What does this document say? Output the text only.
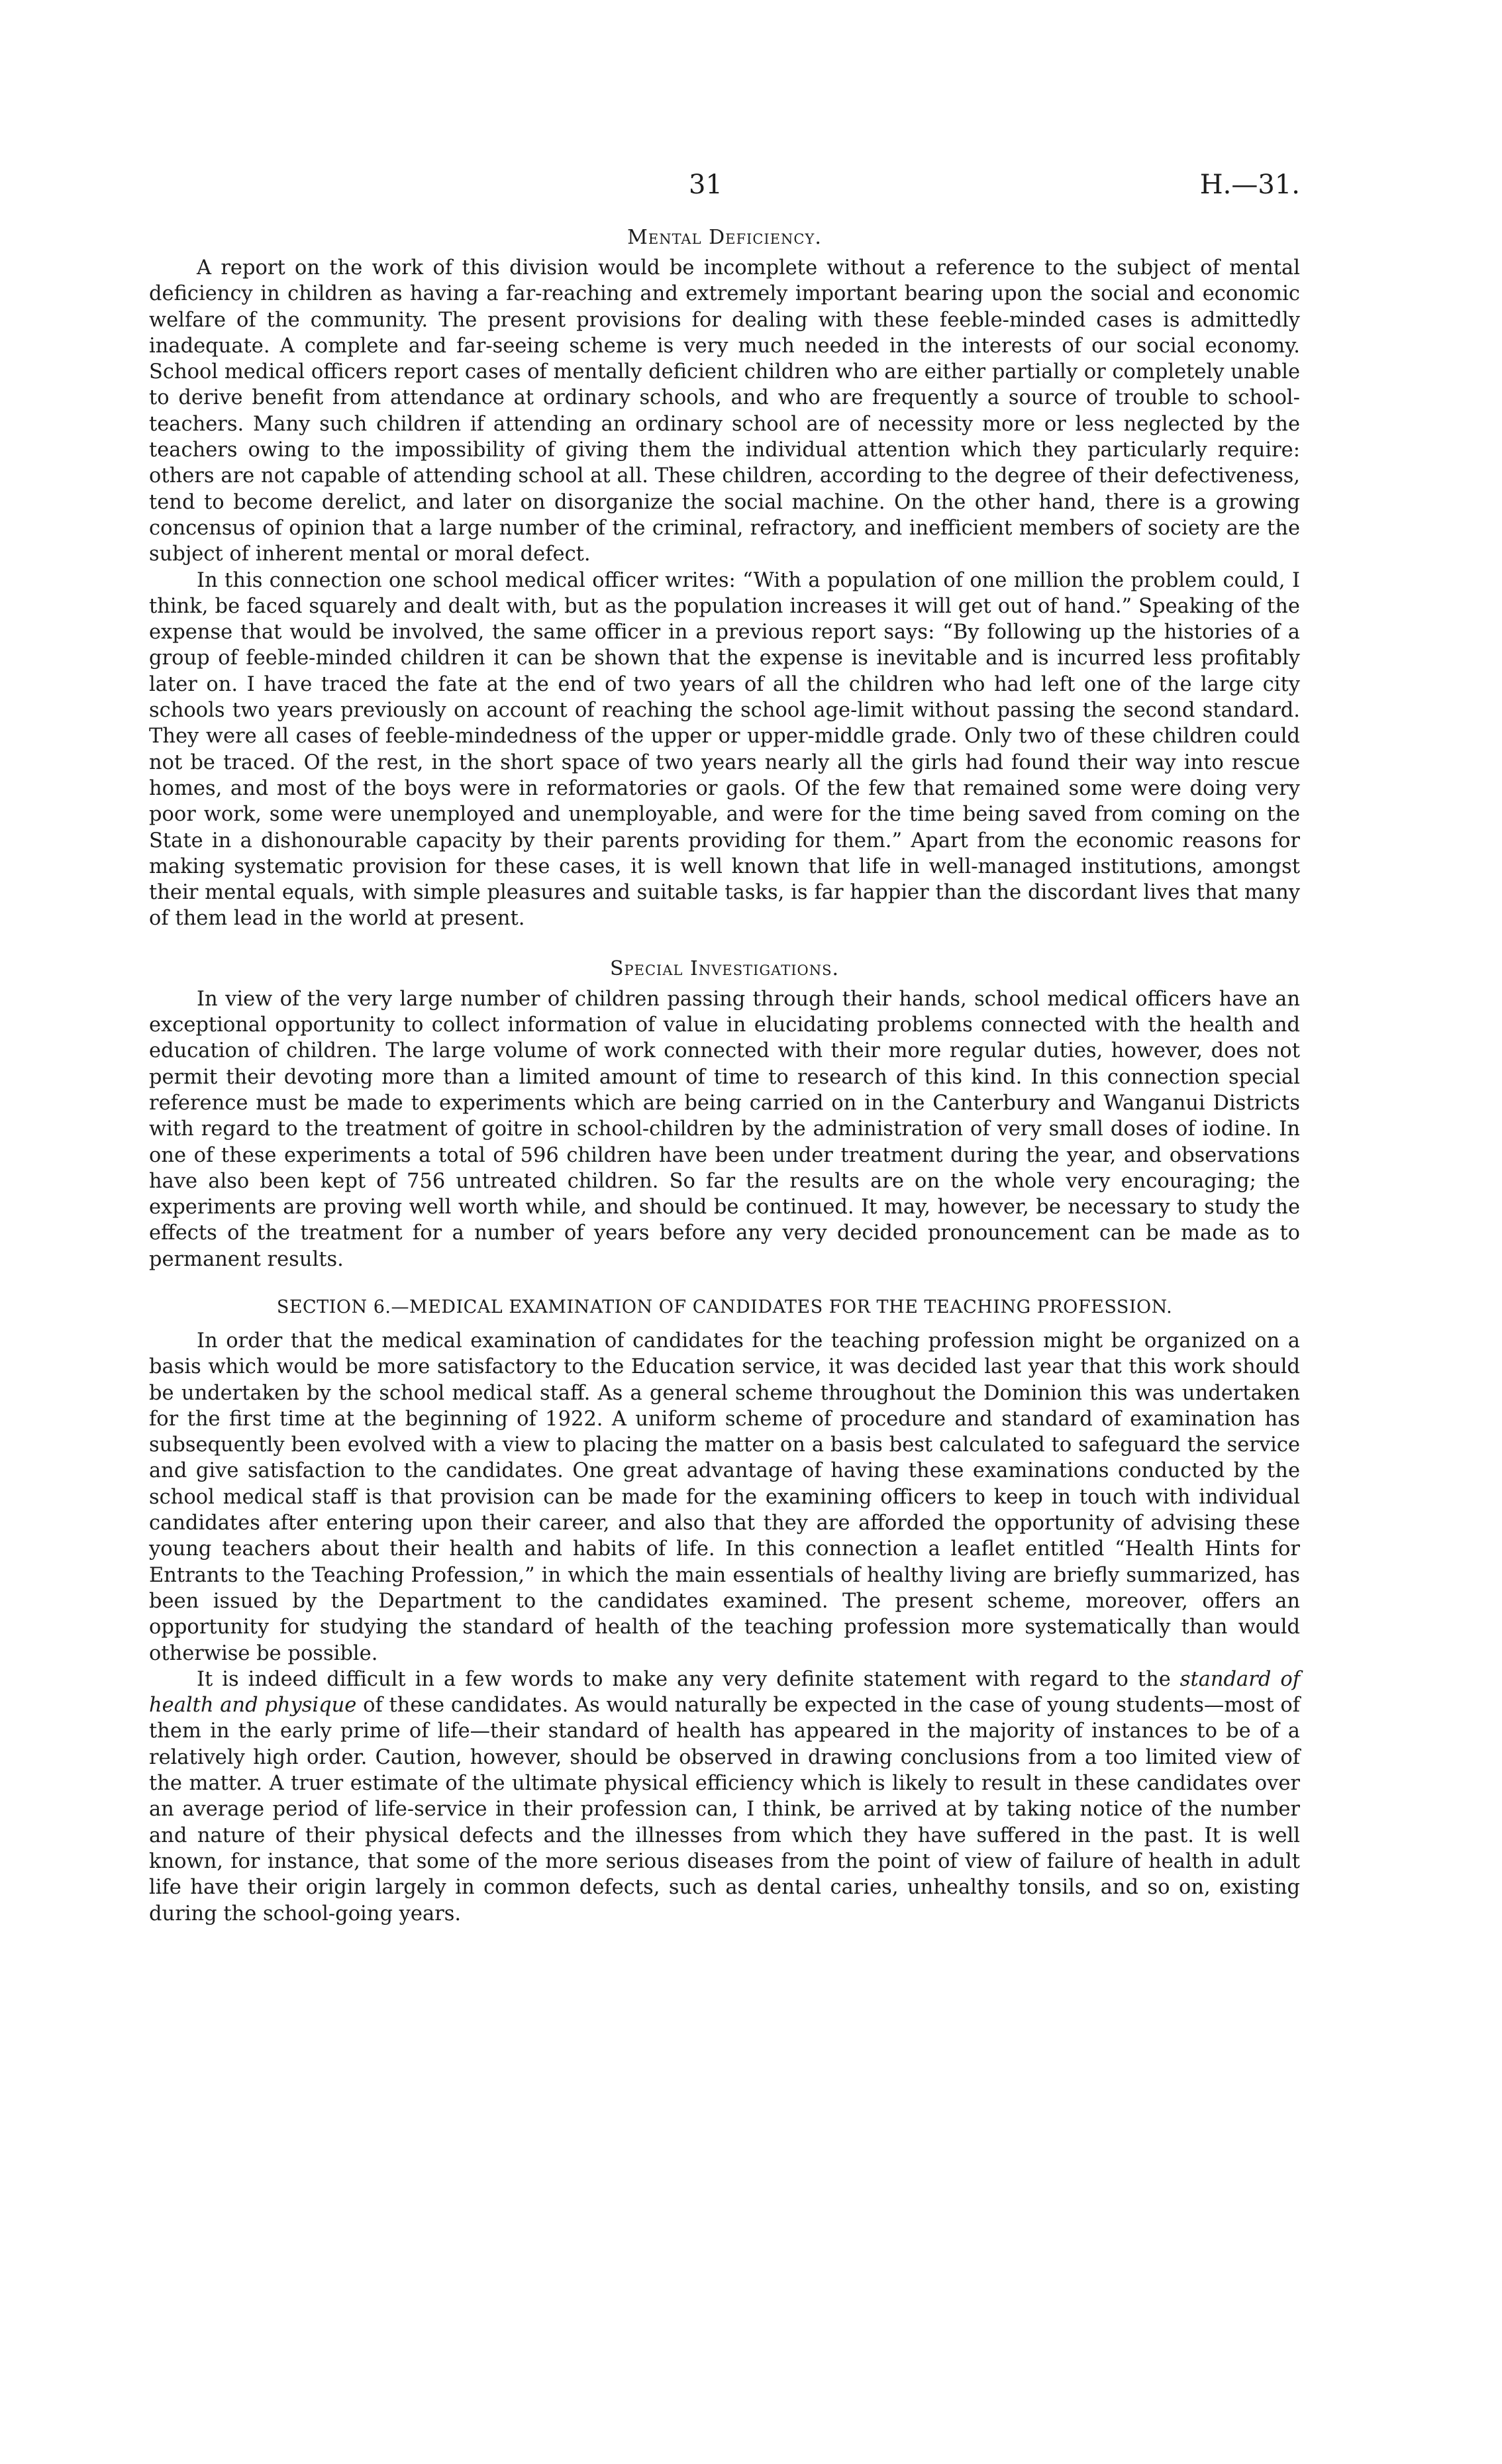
31	H.—31.
Mental Deficiency.

A report on the work of this division would be incomplete without a reference to the subject of mental deficiency in children as having a far-reaching and extremely important bearing upon the social and economic welfare of the community. The present provisions for dealing with these feeble-minded cases is admittedly inadequate. A complete and far-seeing scheme is very much needed in the interests of our social economy. School medical officers report cases of mentally deficient children who are either partially or completely unable to derive benefit from attendance at ordinary schools, and who are frequently a source of trouble to school-teachers. Many such children if attending an ordinary school are of necessity more or less neglected by the teachers owing to the impossibility of giving them the individual attention which they particularly require: others are not capable of attending school at all. These children, according to the degree of their defectiveness, tend to become derelict, and later on disorganize the social machine. On the other hand, there is a growing concensus of opinion that a large number of the criminal, refractory, and inefficient members of society are the subject of inherent mental or moral defect.

In this connection one school medical officer writes: “With a population of one million the problem could, I think, be faced squarely and dealt with, but as the population increases it will get out of hand.” Speaking of the expense that would be involved, the same officer in a previous report says: “By following up the histories of a group of feeble-minded children it can be shown that the expense is inevitable and is incurred less profitably later on. I have traced the fate at the end of two years of all the children who had left one of the large city schools two years previously on account of reaching the school age-limit without passing the second standard. They were all cases of feeble-mindedness of the upper or upper-middle grade. Only two of these children could not be traced. Of the rest, in the short space of two years nearly all the girls had found their way into rescue homes, and most of the boys were in reformatories or gaols. Of the few that remained some were doing very poor work, some were unemployed and unemployable, and were for the time being saved from coming on the State in a dishonourable capacity by their parents providing for them.” Apart from the economic reasons for making systematic provision for these cases, it is well known that life in well-managed institutions, amongst their mental equals, with simple pleasures and suitable tasks, is far happier than the discordant lives that many of them lead in the world at present.

Special Investigations.

In view of the very large number of children passing through their hands, school medical officers have an exceptional opportunity to collect information of value in elucidating problems connected with the health and education of children. The large volume of work connected with their more regular duties, however, does not permit their devoting more than a limited amount of time to research of this kind. In this connection special reference must be made to experiments which are being carried on in the Canterbury and Wanganui Districts with regard to the treatment of goitre in school-children by the administration of very small doses of iodine. In one of these experiments a total of 596 children have been under treatment during the year, and observations have also been kept of 756 untreated children. So far the results are on the whole very encouraging; the experiments are proving well worth while, and should be continued. It may, however, be necessary to study the effects of the treatment for a number of years before any very decided pronouncement can be made as to permanent results.

SECTION 6.—MEDICAL EXAMINATION OF CANDIDATES FOR THE TEACHING PROFESSION.

In order that the medical examination of candidates for the teaching profession might be organized on a basis which would be more satisfactory to the Education service, it was decided last year that this work should be undertaken by the school medical staff. As a general scheme throughout the Dominion this was undertaken for the first time at the beginning of 1922. A uniform scheme of procedure and standard of examination has subsequently been evolved with a view to placing the matter on a basis best calculated to safeguard the service and give satisfaction to the candidates. One great advantage of having these examinations conducted by the school medical staff is that provision can be made for the examining officers to keep in touch with individual candidates after entering upon their career, and also that they are afforded the opportunity of advising these young teachers about their health and habits of life. In this connection a leaflet entitled “Health Hints for Entrants to the Teaching Profession,” in which the main essentials of healthy living are briefly summarized, has been issued by the Department to the candidates examined. The present scheme, moreover, offers an opportunity for studying the standard of health of the teaching profession more systematically than would otherwise be possible.

It is indeed difficult in a few words to make any very definite statement with regard to the standard of health and physique of these candidates. As would naturally be expected in the case of young students—most of them in the early prime of life—their standard of health has appeared in the majority of instances to be of a relatively high order. Caution, however, should be observed in drawing conclusions from a too limited view of the matter. A truer estimate of the ultimate physical efficiency which is likely to result in these candidates over an average period of life-service in their profession can, I think, be arrived at by taking notice of the number and nature of their physical defects and the illnesses from which they have suffered in the past. It is well known, for instance, that some of the more serious diseases from the point of view of failure of health in adult life have their origin largely in common defects, such as dental caries, unhealthy tonsils, and so on, existing during the school-going years.
